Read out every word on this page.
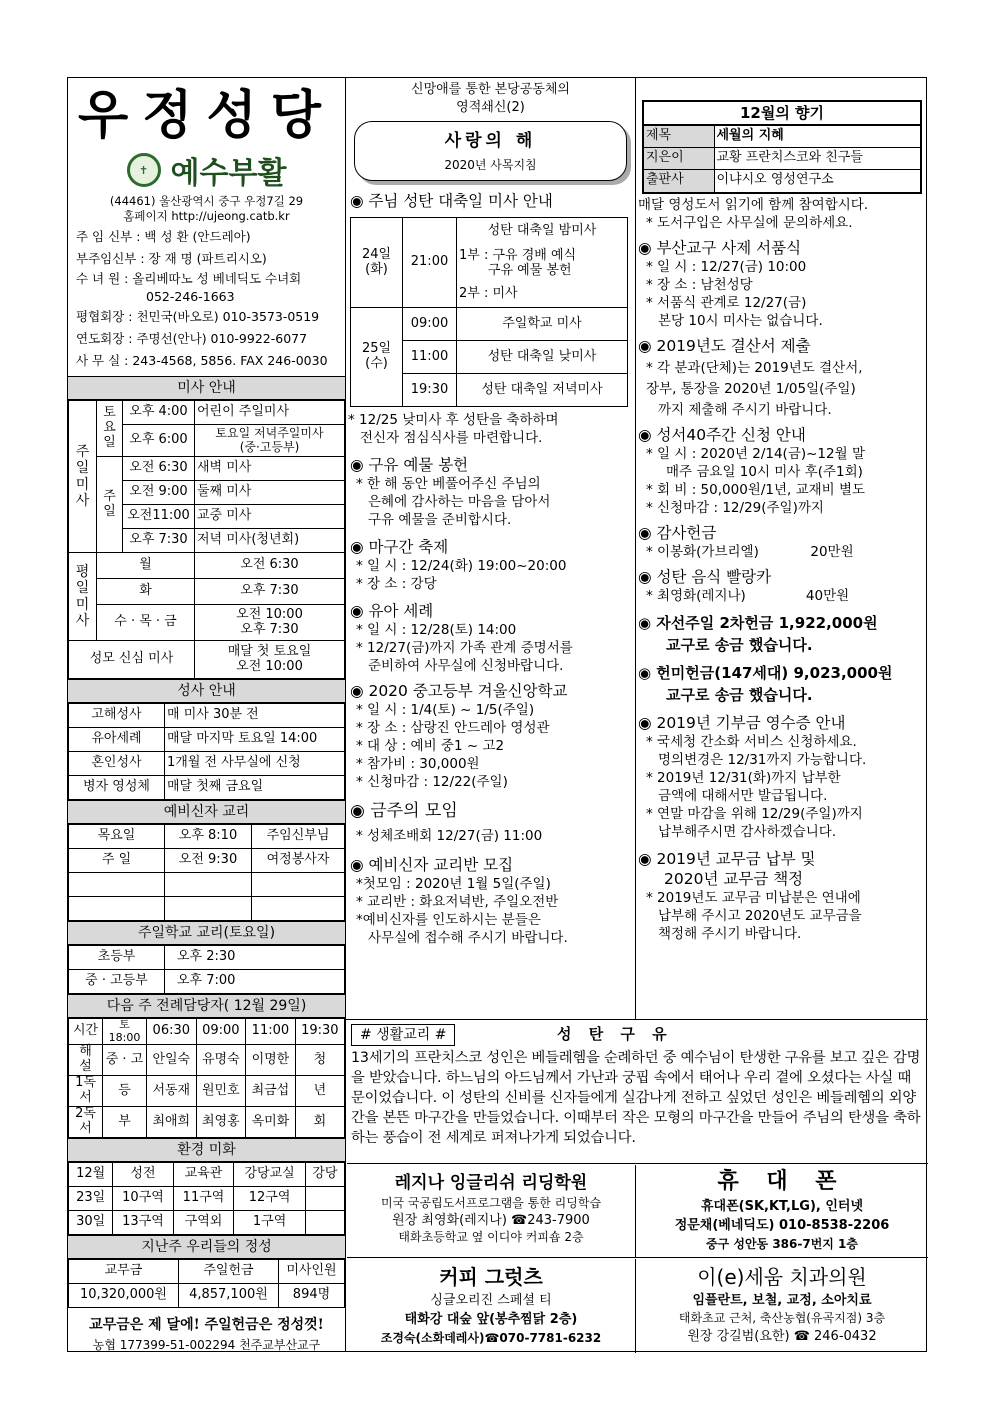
우정성당
✝ 예수부활
(44461) 울산광역시 중구 우정7길 29
홈페이지 http://ujeong.catb.kr
주 임 신부 : 백 성 환 (안드레아)
부주임신부 : 장 재 명 (파트리시오)
수 녀 원 : 올리베따노 성 베네딕도 수녀회
052-246-1663
평협회장 : 천민국(바오로) 010-3573-0519
연도회장 : 주명선(안나) 010-9922-6077
사 무 실 : 243-4568, 5856. FAX 246-0030
미사 안내
주일미사	토요일	오후 4:00	어린이 주일미사
		오후 6:00	토요일 저녁주일미사
(중·고등부)
	주일	오전 6:30	새벽 미사
		오전 9:00	둘째 미사
		오전11:00	교중 미사
		오후 7:30	저녁 미사(청년회)
평일미사	월		오전 6:30
	화		오후 7:30
	수 · 목 · 금		오전 10:00
오후 7:30
성모 신심 미사			매달 첫 토요일
오전 10:00
성사 안내
고해성사	매 미사 30분 전
유아세례	매달 마지막 토요일 14:00
혼인성사	1개월 전 사무실에 신청
병자 영성체	매달 첫째 금요일
예비신자 교리
목요일	오후 8:10	주임신부님
주 일	오전 9:30	여정봉사자

주일학교 교리(토요일)
초등부	오후 2:30
중 · 고등부	오후 7:00
다음 주 전례담당자( 12월 29일)
시간	토18:00	06:30	09:00	11:00	19:30
해 설	중 · 고	안일숙	유명숙	이명한	청
1독서	등	서동재	원민호	최금섭	년
2독서	부	최애희	최영홍	옥미화	회
환경 미화
12월	성전	교육관	강당교실	강당
23일	10구역	11구역	12구역	
30일	13구역	구역외	1구역	
지난주 우리들의 정성
교무금	주일헌금	미사인원
10,320,000원	4,857,100원	894명
교무금은 제 달에! 주일헌금은 정성껏!
농협 177399-51-002294 천주교부산교구
신망애를 통한 본당공동체의
영적쇄신(2)
사랑의 해
2020년 사목지침
◉ 주님 성탄 대축일 미사 안내
24일
(화)	21:00	성탄 대축일 밤미사
		1부 : 구유 경배 예식
구유 예물 봉헌
		2부 : 미사
25일
(수)	09:00	주일학교 미사
	11:00	성탄 대축일 낮미사
	19:30	성탄 대축일 저녁미사
* 12/25 낮미사 후 성탄을 축하하며
전신자 점심식사를 마련합니다.
◉ 구유 예물 봉헌
* 한 해 동안 베풀어주신 주님의
은혜에 감사하는 마음을 담아서
구유 예물을 준비합시다.
◉ 마구간 축제
* 일 시 : 12/24(화) 19:00~20:00
* 장 소 : 강당
◉ 유아 세례
* 일 시 : 12/28(토) 14:00
* 12/27(금)까지 가족 관계 증명서를
준비하여 사무실에 신청바랍니다.
◉ 2020 중고등부 겨울신앙학교
* 일 시 : 1/4(토) ~ 1/5(주일)
* 장 소 : 삼랑진 안드레아 영성관
* 대 상 : 예비 중1 ~ 고2
* 참가비 : 30,000원
* 신청마감 : 12/22(주일)
◉ 금주의 모임
* 성체조배회 12/27(금) 11:00
◉ 예비신자 교리반 모집
*첫모임 : 2020년 1월 5일(주일)
* 교리반 : 화요저녁반, 주일오전반
*예비신자를 인도하시는 분들은
사무실에 접수해 주시기 바랍니다.
12월의 향기
제목	세월의 지혜
지은이	교황 프란치스코와 친구들
출판사	이냐시오 영성연구소
매달 영성도서 읽기에 함께 참여합시다.
* 도서구입은 사무실에 문의하세요.
◉ 부산교구 사제 서품식
* 일 시 : 12/27(금) 10:00
* 장 소 : 남천성당
* 서품식 관계로 12/27(금)
본당 10시 미사는 없습니다.
◉ 2019년도 결산서 제출
* 각 분과(단체)는 2019년도 결산서,
장부, 통장을 2020년 1/05일(주일)
까지 제출해 주시기 바랍니다.
◉ 성서40주간 신청 안내
* 일 시 : 2020년 2/14(금)~12월 말
매주 금요일 10시 미사 후(주1회)
* 회 비 : 50,000원/1년, 교재비 별도
* 신청마감 : 12/29(주일)까지
◉ 감사헌금
* 이봉화(가브리엘)            20만원
◉ 성탄 음식 빨랑카
* 최영화(레지나)              40만원
◉ 자선주일 2차헌금 1,922,000원
교구로 송금 했습니다.
◉ 헌미헌금(147세대) 9,023,000원
교구로 송금 했습니다.
◉ 2019년 기부금 영수증 안내
* 국세청 간소화 서비스 신청하세요.
명의변경은 12/31까지 가능합니다.
* 2019년 12/31(화)까지 납부한
금액에 대해서만 발급됩니다.
* 연말 마감을 위해 12/29(주일)까지
납부해주시면 감사하겠습니다.
◉ 2019년 교무금 납부 및
2020년 교무금 책정
* 2019년도 교무금 미납분은 연내에
납부해 주시고 2020년도 교무금을
책정해 주시기 바랍니다.
# 생활교리 #	성 탄 구 유
13세기의 프란치스코 성인은 베들레헴을 순례하던 중 예수님이 탄생한 구유를 보고 깊은 감명을 받았습니다. 하느님의 아드님께서 가난과 궁핍 속에서 태어나 우리 곁에 오셨다는 사실 때문이었습니다. 이 성탄의 신비를 신자들에게 실감나게 전하고 싶었던 성인은 베들레헴의 외양간을 본뜬 마구간을 만들었습니다. 이때부터 작은 모형의 마구간을 만들어 주님의 탄생을 축하하는 풍습이 전 세계로 퍼져나가게 되었습니다.
레지나 잉글리쉬 리딩학원
미국 국공립도서프로그램을 통한 리딩학습
원장 최영화(레지나) ☎243-7900
태화초등학교 옆 이디야 커피숍 2층
휴 대 폰
휴대폰(SK,KT,LG), 인터넷
정문채(베네딕도) 010-8538-2206
중구 성안동 386-7번지 1층
커피 그럿츠
싱글오리진 스페셜 티
태화강 대숲 앞(봉추찜닭 2층)
조경숙(소화데레사)☎070-7781-6232
이(e)세움 치과의원
임플란트, 보철, 교정, 소아치료
태화초교 근처, 축산농협(유곡지점) 3층
원장 강길범(요한) ☎ 246-0432
